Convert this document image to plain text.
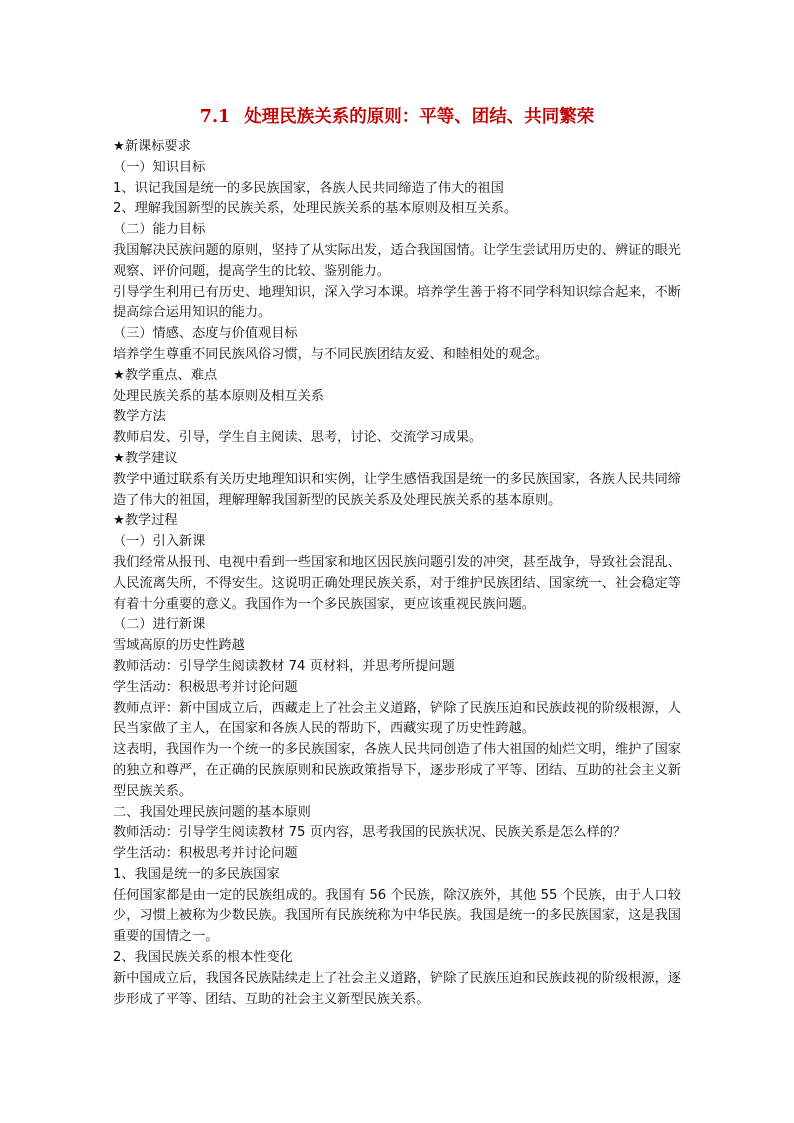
7.1 处理民族关系的原则：平等、团结、共同繁荣

★新课标要求

（一）知识目标

1、识记我国是统一的多民族国家，各族人民共同缔造了伟大的祖国

2、理解我国新型的民族关系，处理民族关系的基本原则及相互关系。

（二）能力目标

我国解决民族问题的原则，坚持了从实际出发，适合我国国情。让学生尝试用历史的、辨证的眼光观察、评价问题，提高学生的比较、鉴别能力。

引导学生利用已有历史、地理知识，深入学习本课。培养学生善于将不同学科知识综合起来，不断提高综合运用知识的能力。

（三）情感、态度与价值观目标

培养学生尊重不同民族风俗习惯，与不同民族团结友爱、和睦相处的观念。

★教学重点、难点

处理民族关系的基本原则及相互关系

教学方法

教师启发、引导，学生自主阅读、思考，讨论、交流学习成果。

★教学建议

教学中通过联系有关历史地理知识和实例，让学生感悟我国是统一的多民族国家，各族人民共同缔造了伟大的祖国，理解理解我国新型的民族关系及处理民族关系的基本原则。

★教学过程

（一）引入新课

我们经常从报刊、电视中看到一些国家和地区因民族问题引发的冲突，甚至战争，导致社会混乱、人民流离失所，不得安生。这说明正确处理民族关系，对于维护民族团结、国家统一、社会稳定等有着十分重要的意义。我国作为一个多民族国家，更应该重视民族问题。

（二）进行新课

雪域高原的历史性跨越

教师活动：引导学生阅读教材 74 页材料，并思考所提问题

学生活动：积极思考并讨论问题

教师点评：新中国成立后，西藏走上了社会主义道路，铲除了民族压迫和民族歧视的阶级根源，人民当家做了主人，在国家和各族人民的帮助下，西藏实现了历史性跨越。

这表明，我国作为一个统一的多民族国家，各族人民共同创造了伟大祖国的灿烂文明，维护了国家的独立和尊严，在正确的民族原则和民族政策指导下，逐步形成了平等、团结、互助的社会主义新型民族关系。

二、我国处理民族问题的基本原则

教师活动：引导学生阅读教材 75 页内容，思考我国的民族状况、民族关系是怎么样的？

学生活动：积极思考并讨论问题

1、我国是统一的多民族国家

任何国家都是由一定的民族组成的。我国有 56 个民族，除汉族外，其他 55 个民族，由于人口较少，习惯上被称为少数民族。我国所有民族统称为中华民族。我国是统一的多民族国家，这是我国重要的国情之一。

2、我国民族关系的根本性变化

新中国成立后，我国各民族陆续走上了社会主义道路，铲除了民族压迫和民族歧视的阶级根源，逐步形成了平等、团结、互助的社会主义新型民族关系。
